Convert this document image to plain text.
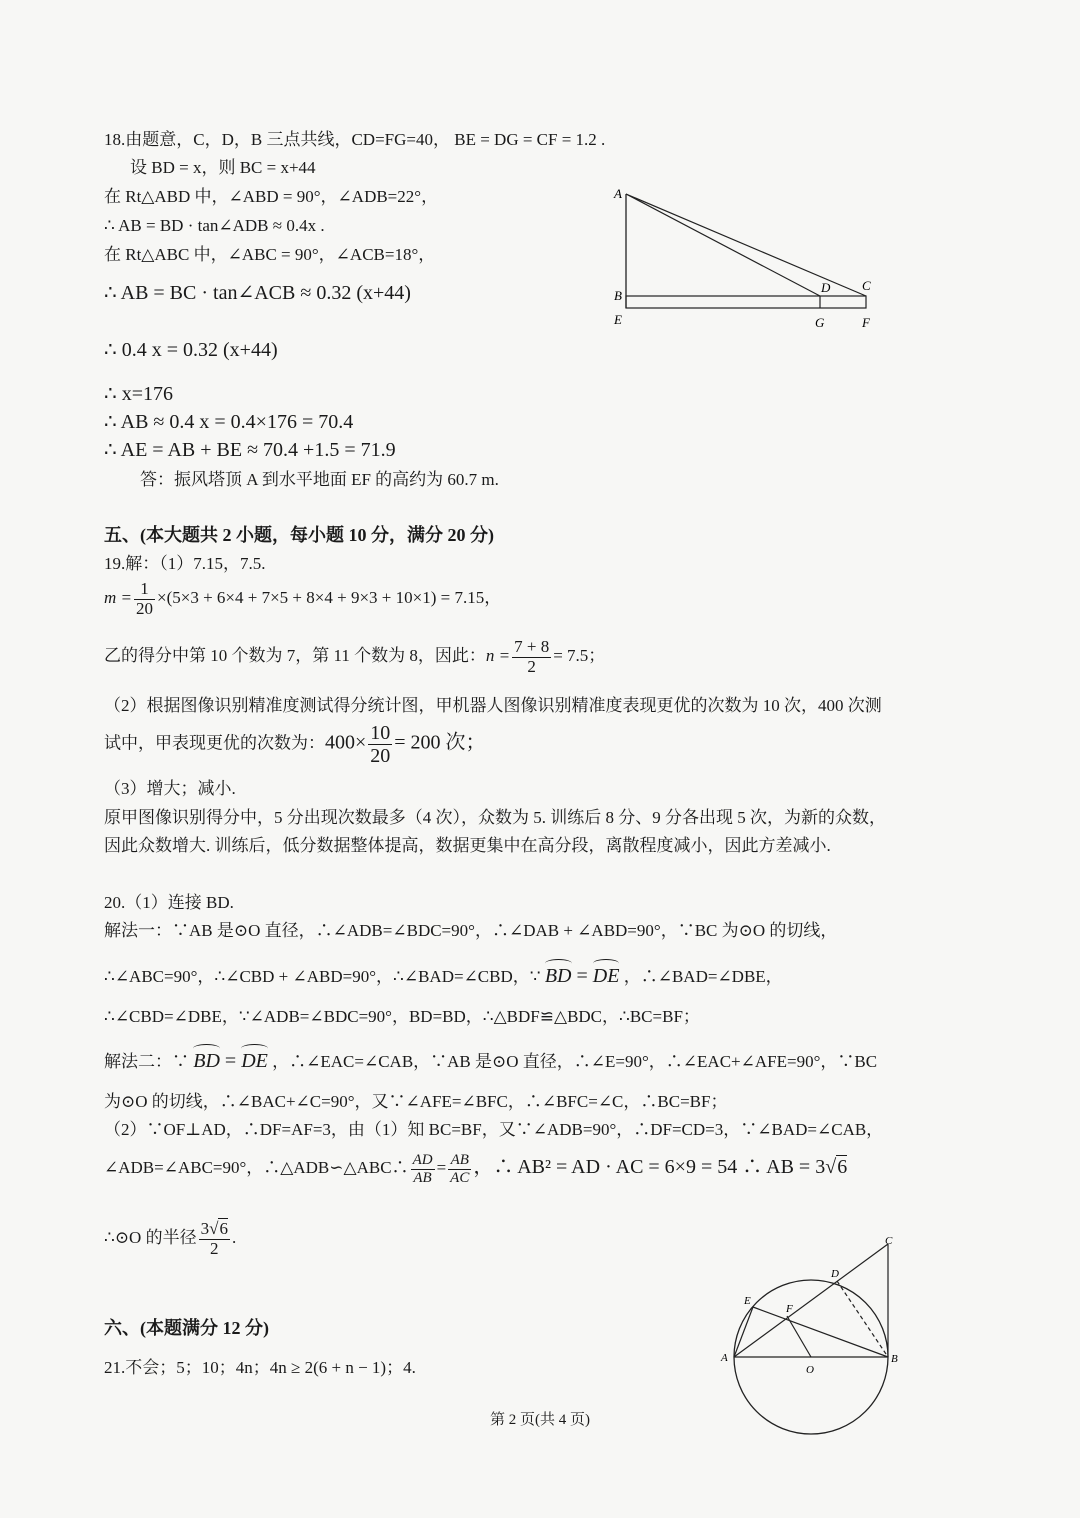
18.由题意，C，D，B 三点共线，CD=FG=40， BE = DG = CF = 1.2 .
设 BD = x，则 BC = x+44
在 Rt△ABD 中，∠ABD = 90°，∠ADB=22°，
∴ AB = BD · tan∠ADB ≈ 0.4x .
在 Rt△ABC 中，∠ABC = 90°，∠ACB=18°，
∴ AB = BC · tan∠ACB ≈ 0.32 (x+44)
∴ 0.4 x = 0.32 (x+44)
∴ x=176
∴ AB ≈ 0.4 x = 0.4×176 = 70.4
∴ AE = AB + BE ≈ 70.4 +1.5 = 71.9
答：振风塔顶 A 到水平地面 EF 的高约为 60.7 m.
A
B
E
D C
G	F
五、(本大题共 2 小题，每小题 10 分，满分 20 分)
19.解：（1）7.15，7.5.
$m = \frac{1}{20} \times(5\times 3 + 6\times 4 + 7\times 5 + 8\times 4 + 9\times 3 + 10\times 1) = 7.15$，
乙的得分中第 10 个数为 7，第 11 个数为 8，因此：$n = \frac{7 + 8}{2} = 7.5$；
（2）根据图像识别精准度测试得分统计图，甲机器人图像识别精准度表现更优的次数为 10 次，400 次测
试中，甲表现更优的次数为：$400\times \frac{10}{20} = 200$ 次；
（3）增大；减小.
原甲图像识别得分中，5 分出现次数最多（4 次），众数为 5. 训练后 8 分、9 分各出现 5 次，为新的众数，
因此众数增大. 训练后，低分数据整体提高，数据更集中在高分段，离散程度减小，因此方差减小.
20.（1）连接 BD.
解法一：∵AB 是⊙O 直径，∴∠ADB=∠BDC=90°，∴∠DAB + ∠ABD=90°，∵BC 为⊙O 的切线，
∴∠ABC=90°，∴∠CBD + ∠ABD=90°，∴∠BAD=∠CBD，∵ BD = DE ，∴∠BAD=∠DBE，
∴∠CBD=∠DBE，∵∠ADB=∠BDC=90°，BD=BD，∴△BDF≌△BDC，∴BC=BF；
解法二：∵ BD = DE ，∴∠EAC=∠CAB，∵AB 是⊙O 直径，∴∠E=90°，∴∠EAC+∠AFE=90°，∵BC
为⊙O 的切线，∴∠BAC+∠C=90°，又∵∠AFE=∠BFC，∴∠BFC=∠C，∴BC=BF；
（2）∵OF⊥AD，∴DF=AF=3，由（1）知 BC=BF，又∵∠ADB=90°，∴DF=CD=3，∵∠BAD=∠CAB，
∠ADB=∠ABC=90°，∴△ADB∽△ABC∴ $\frac{AD}{AB} = \frac{AB}{AC}$ ，∴ AB² = AD · AC = 6×9 = 54 ∴ AB = 3√6
∴⊙O 的半径 $\frac{3√6}{2}$ .
A	B
C
D
E
F
O
六、(本题满分 12 分)
21.不会；5；10；4n；4n ≥ 2(6 + n − 1)；4.
第 2 页(共 4 页)
